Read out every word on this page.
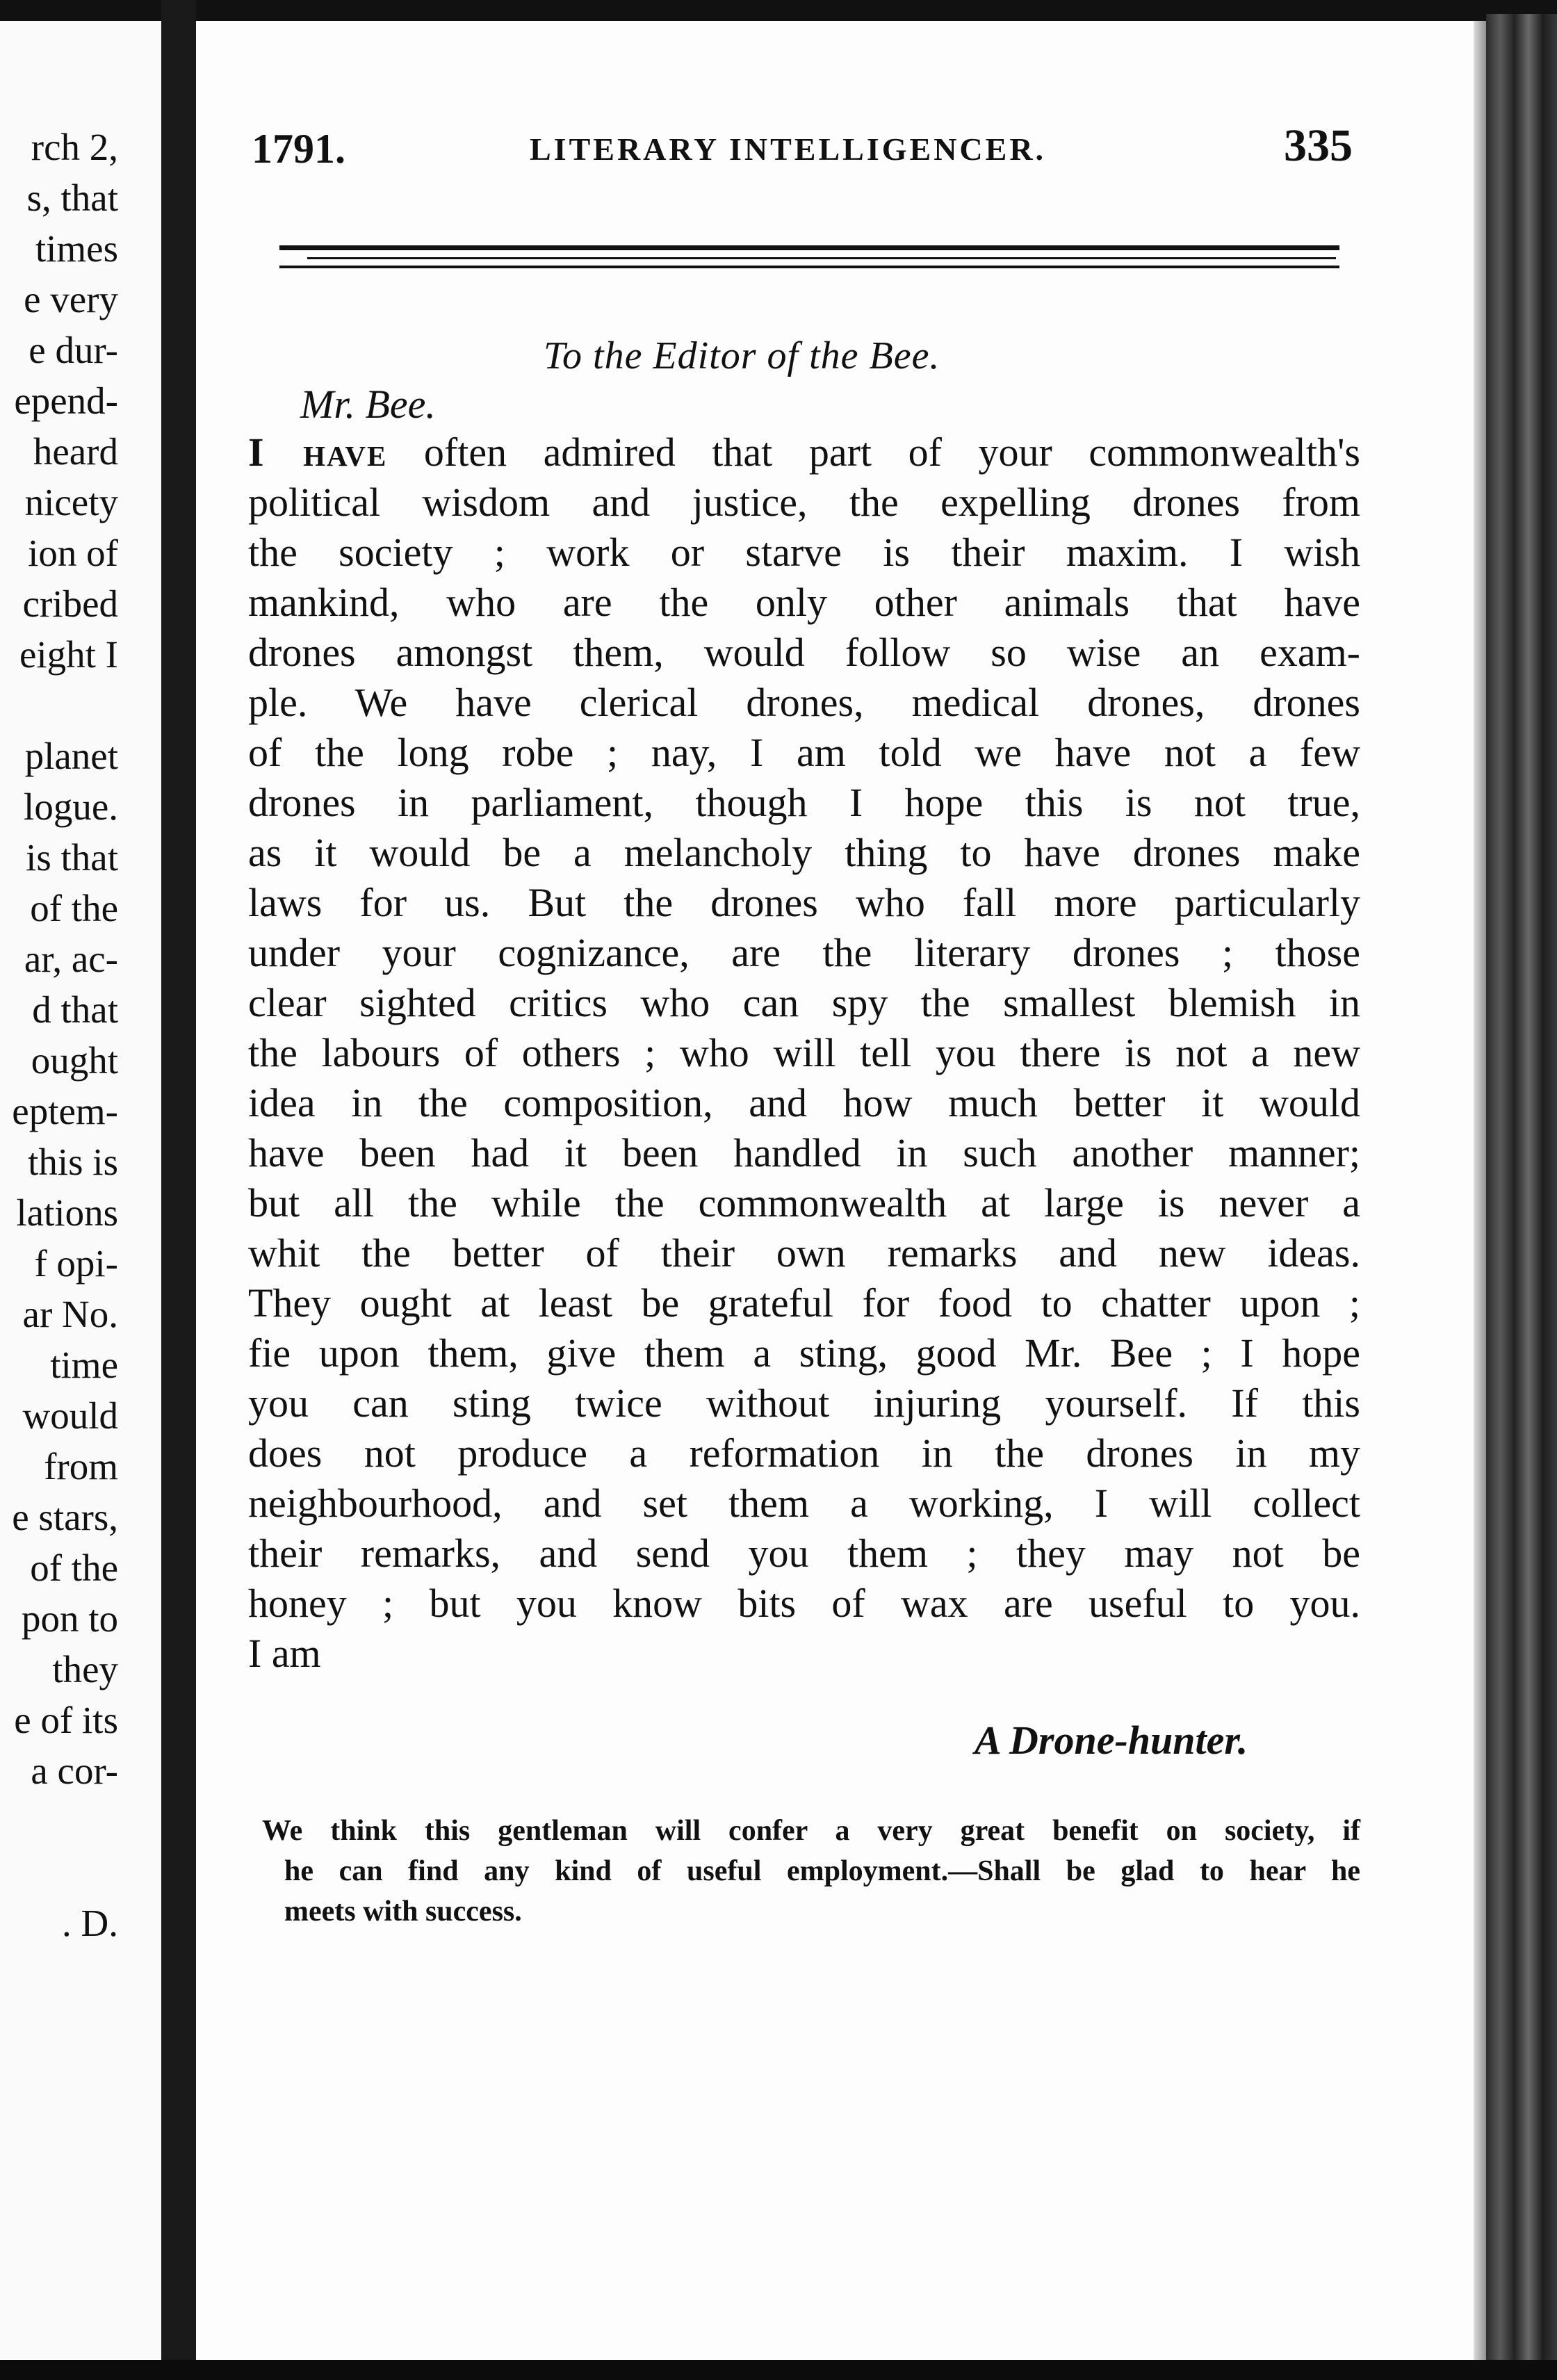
rch 2,
s, that
times
e very
e dur-
epend-
heard
nicety
ion of
cribed
eight I
planet
logue.
is that
of the
ar, ac-
d that
ought
eptem-
this is
lations
f opi-
ar No.
time
would
from
e stars,
of the
pon to
they
e of its
a cor-
. D.
1791.	LITERARY INTELLIGENCER.	335
To the Editor of the Bee.
Mr. Bee.
I have often admired that part of your commonwealth's
political wisdom and justice, the expelling drones from
the society ; work or starve is their maxim. I wish
mankind, who are the only other animals that have
drones amongst them, would follow so wise an exam-
ple. We have clerical drones, medical drones, drones
of the long robe ; nay, I am told we have not a few
drones in parliament, though I hope this is not true,
as it would be a melancholy thing to have drones make
laws for us. But the drones who fall more particularly
under your cognizance, are the literary drones ; those
clear sighted critics who can spy the smallest blemish in
the labours of others ; who will tell you there is not a new
idea in the composition, and how much better it would
have been had it been handled in such another manner;
but all the while the commonwealth at large is never a
whit the better of their own remarks and new ideas.
They ought at least be grateful for food to chatter upon ;
fie upon them, give them a sting, good Mr. Bee ; I hope
you can sting twice without injuring yourself. If this
does not produce a reformation in the drones in my
neighbourhood, and set them a working, I will collect
their remarks, and send you them ; they may not be
honey ; but you know bits of wax are useful to you.
I am
A Drone-hunter.
We think this gentleman will confer a very great benefit on society, if
he can find any kind of useful employment.—Shall be glad to hear he
meets with success.
